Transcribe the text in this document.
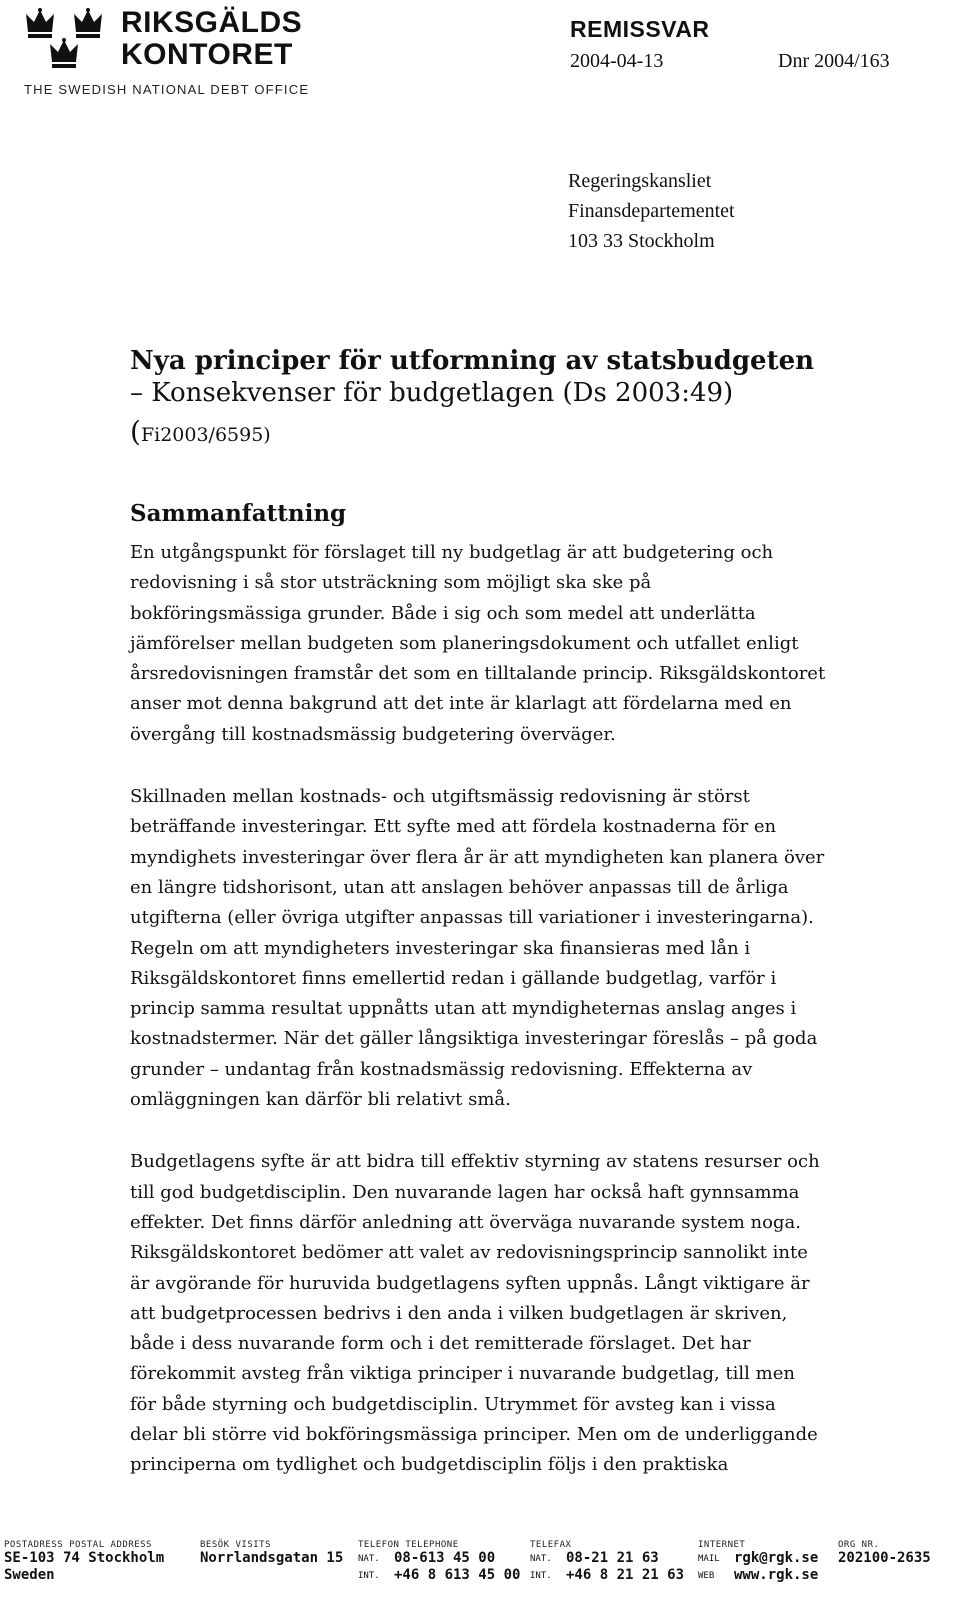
RIKSGÄLDS
KONTORET
THE SWEDISH NATIONAL DEBT OFFICE
REMISSVAR
2004-04-13	Dnr 2004/163
Regeringskansliet
Finansdepartementet
103 33 Stockholm
Nya principer för utformning av statsbudgeten
– Konsekvenser för budgetlagen (Ds 2003:49)
(Fi2003/6595)
Sammanfattning
En utgångspunkt för förslaget till ny budgetlag är att budgetering och
redovisning i så stor utsträckning som möjligt ska ske på
bokföringsmässiga grunder. Både i sig och som medel att underlätta
jämförelser mellan budgeten som planeringsdokument och utfallet enligt
årsredovisningen framstår det som en tilltalande princip. Riksgäldskontoret
anser mot denna bakgrund att det inte är klarlagt att fördelarna med en
övergång till kostnadsmässig budgetering överväger.
Skillnaden mellan kostnads- och utgiftsmässig redovisning är störst
beträffande investeringar. Ett syfte med att fördela kostnaderna för en
myndighets investeringar över flera år är att myndigheten kan planera över
en längre tidshorisont, utan att anslagen behöver anpassas till de årliga
utgifterna (eller övriga utgifter anpassas till variationer i investeringarna).
Regeln om att myndigheters investeringar ska finansieras med lån i
Riksgäldskontoret finns emellertid redan i gällande budgetlag, varför i
princip samma resultat uppnåtts utan att myndigheternas anslag anges i
kostnadstermer. När det gäller långsiktiga investeringar föreslås – på goda
grunder – undantag från kostnadsmässig redovisning. Effekterna av
omläggningen kan därför bli relativt små.
Budgetlagens syfte är att bidra till effektiv styrning av statens resurser och
till god budgetdisciplin. Den nuvarande lagen har också haft gynnsamma
effekter. Det finns därför anledning att överväga nuvarande system noga.
Riksgäldskontoret bedömer att valet av redovisningsprincip sannolikt inte
är avgörande för huruvida budgetlagens syften uppnås. Långt viktigare är
att budgetprocessen bedrivs i den anda i vilken budgetlagen är skriven,
både i dess nuvarande form och i det remitterade förslaget. Det har
förekommit avsteg från viktiga principer i nuvarande budgetlag, till men
för både styrning och budgetdisciplin. Utrymmet för avsteg kan i vissa
delar bli större vid bokföringsmässiga principer. Men om de underliggande
principerna om tydlighet och budgetdisciplin följs i den praktiska
POSTADRESS POSTAL ADDRESS
SE-103 74 Stockholm
Sweden
BESÖK VISITS
Norrlandsgatan 15
TELEFON TELEPHONE
NAT.	08-613 45 00
INT.	+46 8 613 45 00
TELEFAX
NAT.	08-21 21 63
INT.	+46 8 21 21 63
INTERNET
MAIL	rgk@rgk.se
WEB	www.rgk.se
ORG NR.
202100-2635
